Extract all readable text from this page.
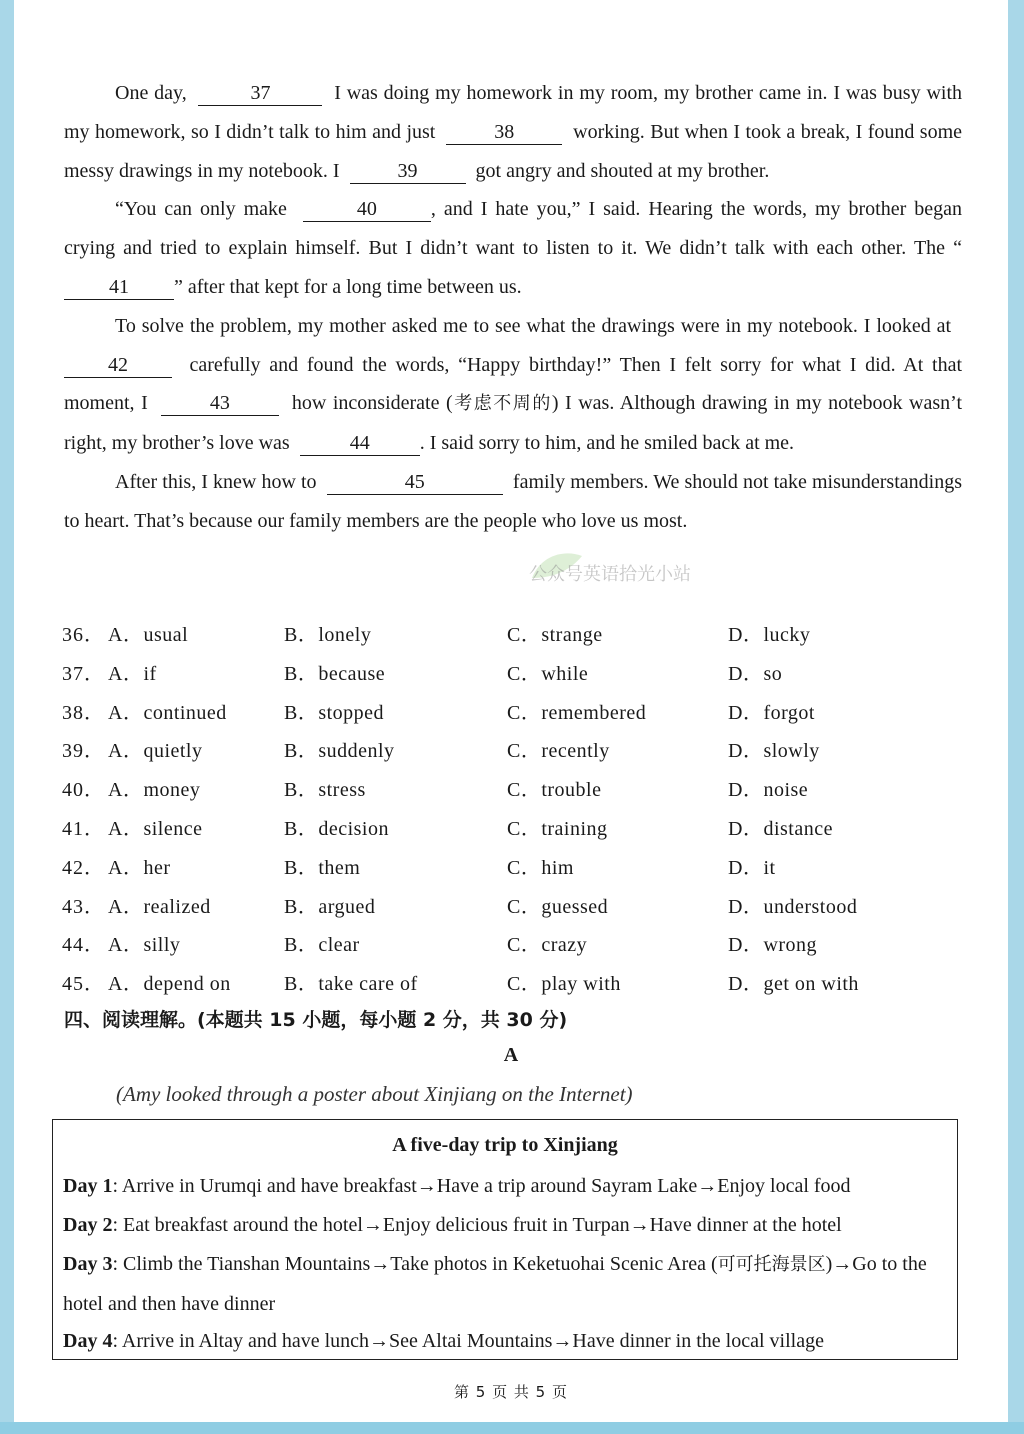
One day,	37	I was doing my homework in my room, my brother came in. I was busy with my homework, so I didn’t talk to him and just	38	working. But when I took a break, I found some messy drawings in my notebook. I	39	got angry and shouted at my brother.

“You can only make	40	, and I hate you,” I said. Hearing the words, my brother began crying and tried to explain himself. But I didn’t want to listen to it. We didn’t talk with each other. The “41 ” after that kept for a long time between us.

To solve the problem, my mother asked me to see what the drawings were in my notebook. I looked at  42	carefully and found the words, “Happy birthday!” Then I felt sorry for what I did. At that moment, I	43	how inconsiderate (考虑不周的) I was. Although drawing in my notebook wasn’t right, my brother’s love was	44	. I said sorry to him, and he smiled back at me.

After this, I knew how to	45	family members. We should not take misunderstandings to heart. That’s because our family members are the people who love us most.

公众号英语拾光小站
36． A．usual	B．lonely	C．strange	D．lucky
37． A．if	B．because	C．while	D．so
38． A．continued	B．stopped	C．remembered	D．forgot
39． A．quietly	B．suddenly	C．recently	D．slowly
40． A．money	B．stress	C．trouble	D．noise
41． A．silence	B．decision	C．training	D．distance
42． A．her	B．them	C．him	D．it
43． A．realized	B．argued	C．guessed	D．understood
44． A．silly	B．clear	C．crazy	D．wrong
45． A．depend on	B．take care of	C．play with	D．get on with
四、阅读理解。(本题共 15 小题，每小题 2 分，共 30 分)
A
(Amy looked through a poster about Xinjiang on the Internet)
A five-day trip to Xinjiang
Day 1: Arrive in Urumqi and have breakfast→Have a trip around Sayram Lake→Enjoy local food
Day 2: Eat breakfast around the hotel→Enjoy delicious fruit in Turpan→Have dinner at the hotel
Day 3: Climb the Tianshan Mountains→Take photos in Keketuohai Scenic Area (可可托海景区)→Go to the hotel and then have dinner
Day 4: Arrive in Altay and have lunch→See Altai Mountains→Have dinner in the local village
第 5 页 共 5 页
